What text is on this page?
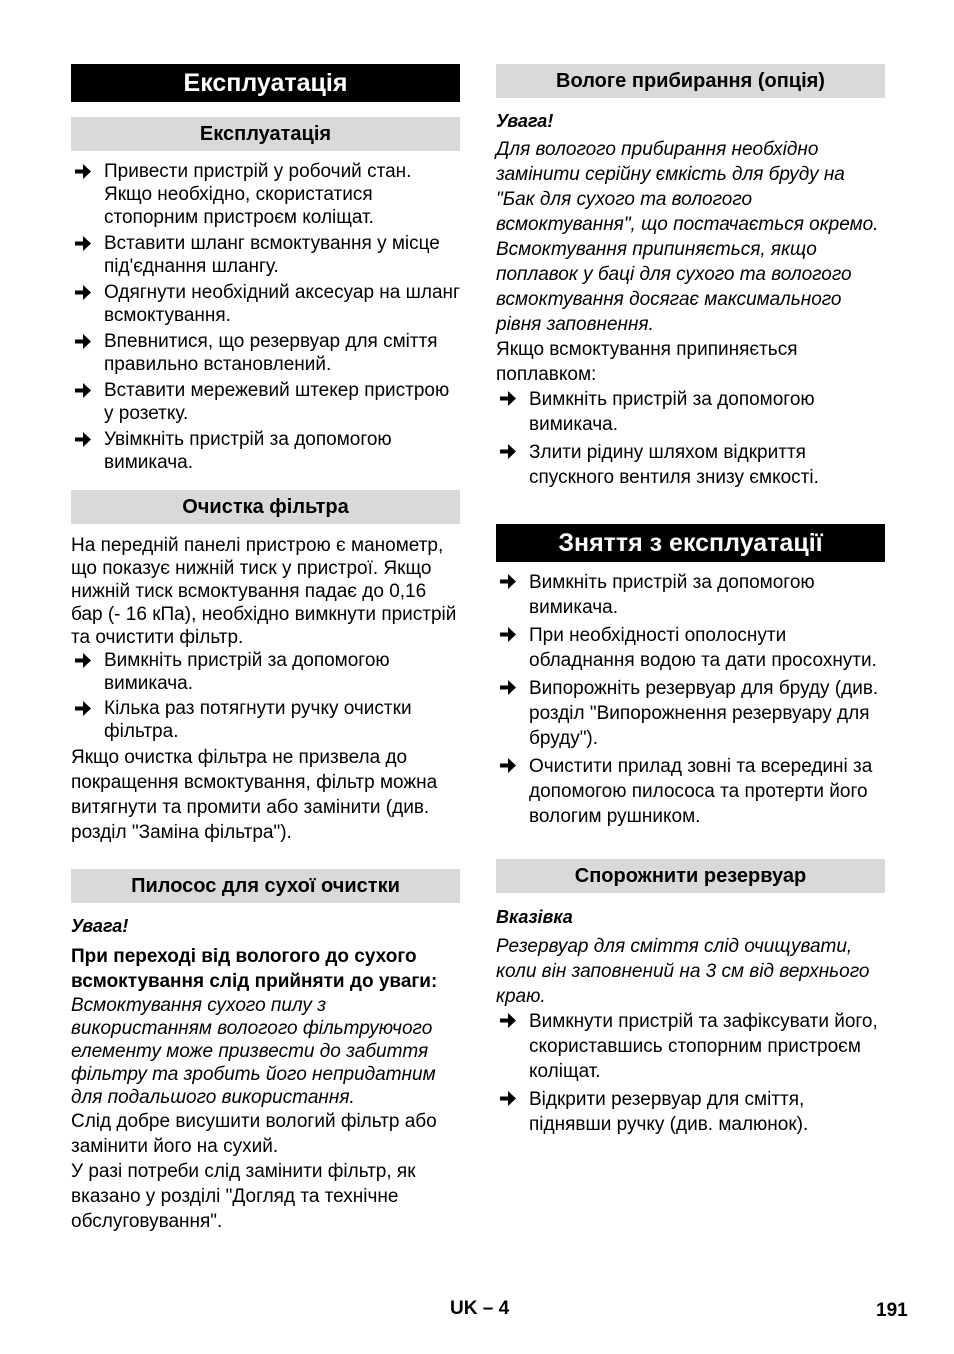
Експлуатація
Експлуатація
Привести пристрій у робочий стан. Якщо необхідно, скористатися стопорним пристроєм коліщат.
Вставити шланг всмоктування у місце під'єднання шлангу.
Одягнути необхідний аксесуар на шланг всмоктування.
Впевнитися, що резервуар для сміття правильно встановлений.
Вставити мережевий штекер пристрою у розетку.
Увімкніть пристрій за допомогою вимикача.
Очистка фільтра

На передній панелі пристрою є манометр, що показує нижній тиск у пристрої. Якщо нижній тиск всмоктування падає до 0,16 бар (- 16 кПа), необхідно вимкнути пристрій та очистити фільтр.

Вимкніть пристрій за допомогою вимикача.
Кілька раз потягнути ручку очистки фільтра.

Якщо очистка фільтра не призвела до покращення всмоктування, фільтр можна витягнути та промити або замінити (див. розділ "Заміна фільтра").

Пилосос для сухої очистки

Увага!

При переході від вологого до сухого всмоктування слід прийняти до уваги:

Всмоктування сухого пилу з використанням вологого фільтруючого елементу може призвести до забиття фільтру та зробить його непридатним для подальшого використання.

Слід добре висушити вологий фільтр або замінити його на сухий.

У разі потреби слід замінити фільтр, як вказано у розділі "Догляд та технічне обслуговування".

Вологе прибирання (опція)

Увага!

Для вологого прибирання необхідно замінити серійну ємкість для бруду на "Бак для сухого та вологого всмоктування", що постачається окремо.

Всмоктування припиняється, якщо поплавок у баці для сухого та вологого всмоктування досягає максимального рівня заповнення.

Якщо всмоктування припиняється поплавком:

Вимкніть пристрій за допомогою вимикача.
Злити рідину шляхом відкриття спускного вентиля знизу ємкості.
Зняття з експлуатації
Вимкніть пристрій за допомогою вимикача.
При необхідності ополоснути обладнання водою та дати просохнути.
Випорожніть резервуар для бруду (див. розділ "Випорожнення резервуару для бруду").
Очистити прилад зовні та всередині за допомогою пилососа та протерти його вологим рушником.
Спорожнити резервуар

Вказівка

Резервуар для сміття слід очищувати, коли він заповнений на 3 см від верхнього краю.

Вимкнути пристрій та зафіксувати його, скориставшись стопорним пристроєм коліщат.
Відкрити резервуар для сміття, піднявши ручку (див. малюнок).
UK – 4	191
